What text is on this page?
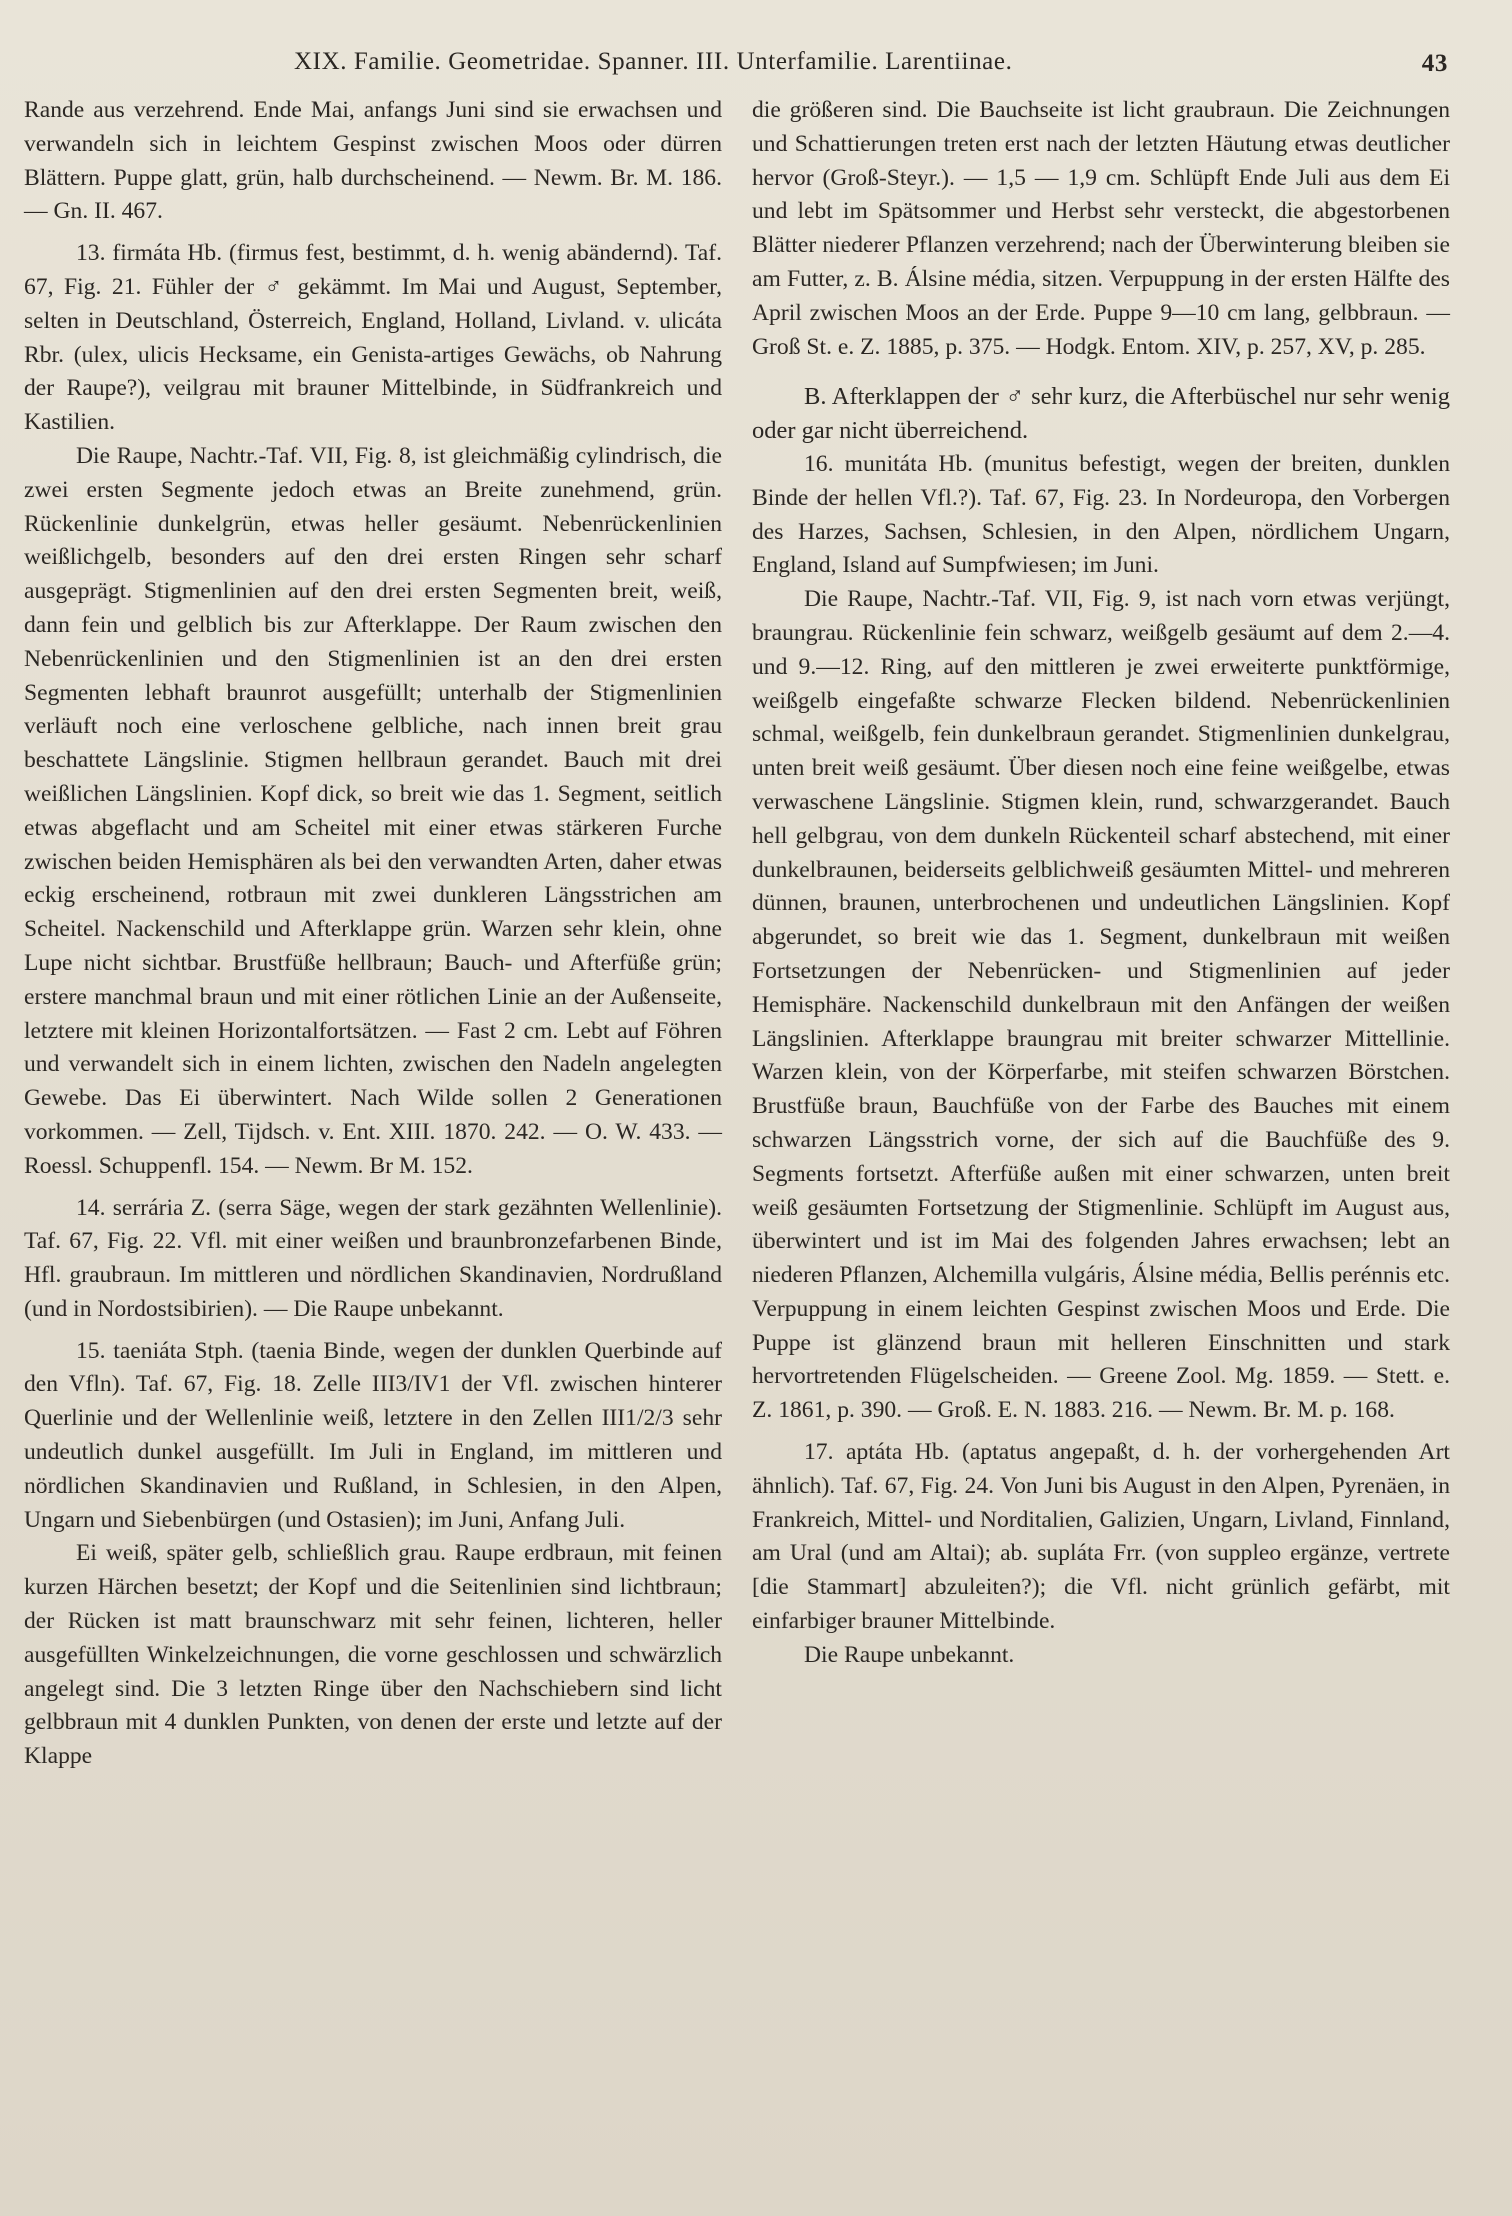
XIX. Familie. Geometridae. Spanner. III. Unterfamilie. Larentiinae.	43

Rande aus verzehrend. Ende Mai, anfangs Juni sind sie erwachsen und verwandeln sich in leichtem Gespinst zwischen Moos oder dürren Blättern. Puppe glatt, grün, halb durchscheinend. — Newm. Br. M. 186. — Gn. II. 467.

13. firmáta Hb. (firmus fest, bestimmt, d. h. wenig abändernd). Taf. 67, Fig. 21. Fühler der ♂ gekämmt. Im Mai und August, September, selten in Deutschland, Österreich, England, Holland, Livland. v. ulicáta Rbr. (ulex, ulicis Hecksame, ein Genista-artiges Gewächs, ob Nahrung der Raupe?), veilgrau mit brauner Mittelbinde, in Südfrankreich und Kastilien.

Die Raupe, Nachtr.-Taf. VII, Fig. 8, ist gleichmäßig cylindrisch, die zwei ersten Segmente jedoch etwas an Breite zunehmend, grün. Rückenlinie dunkelgrün, etwas heller gesäumt. Nebenrückenlinien weißlichgelb, besonders auf den drei ersten Ringen sehr scharf ausgeprägt. Stigmenlinien auf den drei ersten Segmenten breit, weiß, dann fein und gelblich bis zur Afterklappe. Der Raum zwischen den Nebenrückenlinien und den Stigmenlinien ist an den drei ersten Segmenten lebhaft braunrot ausgefüllt; unterhalb der Stigmenlinien verläuft noch eine verloschene gelbliche, nach innen breit grau beschattete Längslinie. Stigmen hellbraun gerandet. Bauch mit drei weißlichen Längslinien. Kopf dick, so breit wie das 1. Segment, seitlich etwas abgeflacht und am Scheitel mit einer etwas stärkeren Furche zwischen beiden Hemisphären als bei den verwandten Arten, daher etwas eckig erscheinend, rotbraun mit zwei dunkleren Längsstrichen am Scheitel. Nackenschild und Afterklappe grün. Warzen sehr klein, ohne Lupe nicht sichtbar. Brustfüße hellbraun; Bauch- und Afterfüße grün; erstere manchmal braun und mit einer rötlichen Linie an der Außenseite, letztere mit kleinen Horizontalfortsätzen. — Fast 2 cm. Lebt auf Föhren und verwandelt sich in einem lichten, zwischen den Nadeln angelegten Gewebe. Das Ei überwintert. Nach Wilde sollen 2 Generationen vorkommen. — Zell, Tijdsch. v. Ent. XIII. 1870. 242. — O. W. 433. — Roessl. Schuppenfl. 154. — Newm. Br M. 152.

14. serrária Z. (serra Säge, wegen der stark gezähnten Wellenlinie). Taf. 67, Fig. 22. Vfl. mit einer weißen und braunbronzefarbenen Binde, Hfl. graubraun. Im mittleren und nördlichen Skandinavien, Nordrußland (und in Nordostsibirien). — Die Raupe unbekannt.

15. taeniáta Stph. (taenia Binde, wegen der dunklen Querbinde auf den Vfln). Taf. 67, Fig. 18. Zelle III3/IV1 der Vfl. zwischen hinterer Querlinie und der Wellenlinie weiß, letztere in den Zellen III1/2/3 sehr undeutlich dunkel ausgefüllt. Im Juli in England, im mittleren und nördlichen Skandinavien und Rußland, in Schlesien, in den Alpen, Ungarn und Siebenbürgen (und Ostasien); im Juni, Anfang Juli.

Ei weiß, später gelb, schließlich grau. Raupe erdbraun, mit feinen kurzen Härchen besetzt; der Kopf und die Seitenlinien sind lichtbraun; der Rücken ist matt braunschwarz mit sehr feinen, lichteren, heller ausgefüllten Winkelzeichnungen, die vorne geschlossen und schwärzlich angelegt sind. Die 3 letzten Ringe über den Nachschiebern sind licht gelbbraun mit 4 dunklen Punkten, von denen der erste und letzte auf der Klappe

die größeren sind. Die Bauchseite ist licht graubraun. Die Zeichnungen und Schattierungen treten erst nach der letzten Häutung etwas deutlicher hervor (Groß-Steyr.). — 1,5 — 1,9 cm. Schlüpft Ende Juli aus dem Ei und lebt im Spätsommer und Herbst sehr versteckt, die abgestorbenen Blätter niederer Pflanzen verzehrend; nach der Überwinterung bleiben sie am Futter, z. B. Álsine média, sitzen. Verpuppung in der ersten Hälfte des April zwischen Moos an der Erde. Puppe 9—10 cm lang, gelbbraun. — Groß St. e. Z. 1885, p. 375. — Hodgk. Entom. XIV, p. 257, XV, p. 285.

B. Afterklappen der ♂ sehr kurz, die Afterbüschel nur sehr wenig oder gar nicht überreichend.

16. munitáta Hb. (munitus befestigt, wegen der breiten, dunklen Binde der hellen Vfl.?). Taf. 67, Fig. 23. In Nordeuropa, den Vorbergen des Harzes, Sachsen, Schlesien, in den Alpen, nördlichem Ungarn, England, Island auf Sumpfwiesen; im Juni.

Die Raupe, Nachtr.-Taf. VII, Fig. 9, ist nach vorn etwas verjüngt, braungrau. Rückenlinie fein schwarz, weißgelb gesäumt auf dem 2.—4. und 9.—12. Ring, auf den mittleren je zwei erweiterte punktförmige, weißgelb eingefaßte schwarze Flecken bildend. Nebenrückenlinien schmal, weißgelb, fein dunkelbraun gerandet. Stigmenlinien dunkelgrau, unten breit weiß gesäumt. Über diesen noch eine feine weißgelbe, etwas verwaschene Längslinie. Stigmen klein, rund, schwarzgerandet. Bauch hell gelbgrau, von dem dunkeln Rückenteil scharf abstechend, mit einer dunkelbraunen, beiderseits gelblichweiß gesäumten Mittel- und mehreren dünnen, braunen, unterbrochenen und undeutlichen Längslinien. Kopf abgerundet, so breit wie das 1. Segment, dunkelbraun mit weißen Fortsetzungen der Nebenrücken- und Stigmenlinien auf jeder Hemisphäre. Nackenschild dunkelbraun mit den Anfängen der weißen Längslinien. Afterklappe braungrau mit breiter schwarzer Mittellinie. Warzen klein, von der Körperfarbe, mit steifen schwarzen Börstchen. Brustfüße braun, Bauchfüße von der Farbe des Bauches mit einem schwarzen Längsstrich vorne, der sich auf die Bauchfüße des 9. Segments fortsetzt. Afterfüße außen mit einer schwarzen, unten breit weiß gesäumten Fortsetzung der Stigmenlinie. Schlüpft im August aus, überwintert und ist im Mai des folgenden Jahres erwachsen; lebt an niederen Pflanzen, Alchemilla vulgáris, Álsine média, Bellis perénnis etc. Verpuppung in einem leichten Gespinst zwischen Moos und Erde. Die Puppe ist glänzend braun mit helleren Einschnitten und stark hervortretenden Flügelscheiden. — Greene Zool. Mg. 1859. — Stett. e. Z. 1861, p. 390. — Groß. E. N. 1883. 216. — Newm. Br. M. p. 168.

17. aptáta Hb. (aptatus angepaßt, d. h. der vorhergehenden Art ähnlich). Taf. 67, Fig. 24. Von Juni bis August in den Alpen, Pyrenäen, in Frankreich, Mittel- und Norditalien, Galizien, Ungarn, Livland, Finnland, am Ural (und am Altai); ab. supláta Frr. (von suppleo ergänze, vertrete [die Stammart] abzuleiten?); die Vfl. nicht grünlich gefärbt, mit einfarbiger brauner Mittelbinde.

Die Raupe unbekannt.
